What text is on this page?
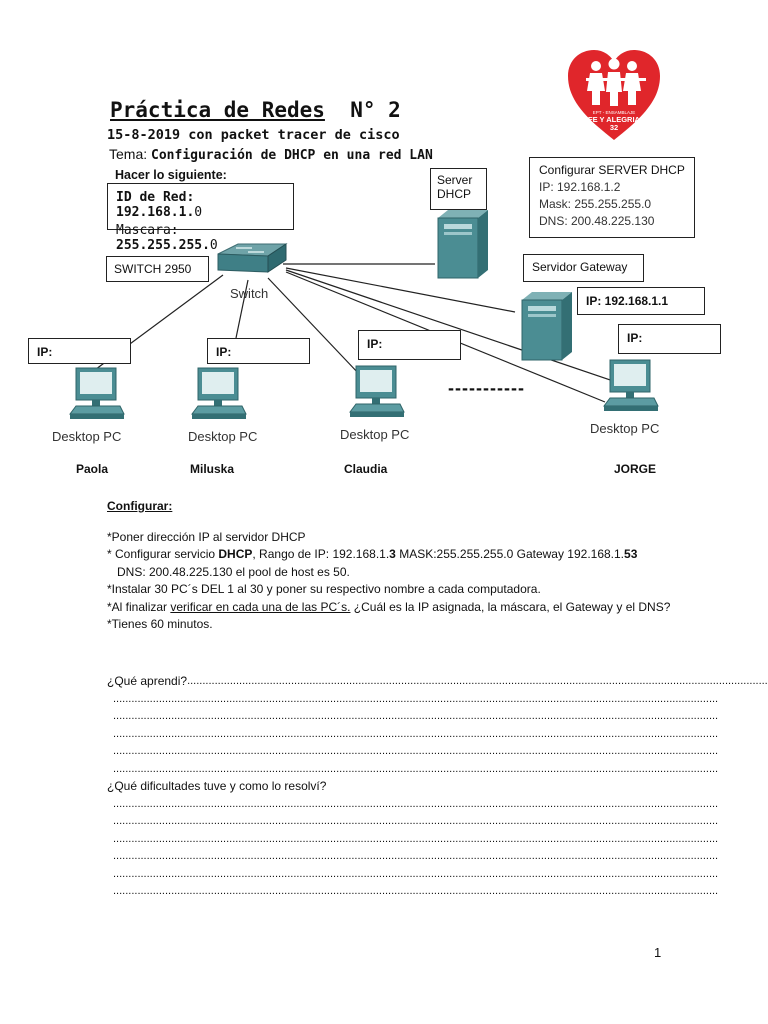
EPT - ENSAMBLAJE
FE Y ALEGRIA
32
Práctica de Redes N° 2
15-8-2019 con packet tracer de cisco
Tema: Configuración de DHCP en una red LAN
Hacer lo siguiente:
ID de Red: 192.168.1.0
Mascara: 255.255.255.0
Switch
SWITCH 2950
Server
DHCP
Configurar SERVER DHCP
IP: 192.168.1.2
Mask: 255.255.255.0
DNS: 200.48.225.130
Servidor Gateway
IP: 192.168.1.1
IP:	IP:
IP:	IP:
Desktop PC	Desktop PC	Desktop PC	Desktop PC
-----------
Paola	Miluska	Claudia	JORGE
Configurar:
*Poner dirección IP al servidor DHCP
* Configurar servicio DHCP, Rango de IP: 192.168.1.3 MASK:255.255.255.0 Gateway 192.168.1.53
DNS: 200.48.225.130 el pool de host es 50.
*Instalar 30 PC´s DEL 1 al 30 y poner su respectivo nombre a cada computadora.
*Al finalizar verificar en cada una de las PC´s. ¿Cuál es la IP asignada, la máscara, el Gateway y el DNS?
*Tienes 60 minutos.
¿Qué aprendi? ..............................................................................................................................................................................................
......................................................................................................................................................................................................
......................................................................................................................................................................................................
......................................................................................................................................................................................................
......................................................................................................................................................................................................
......................................................................................................................................................................................................
¿Qué dificultades tuve y como lo resolví?
......................................................................................................................................................................................................
......................................................................................................................................................................................................
......................................................................................................................................................................................................
......................................................................................................................................................................................................
......................................................................................................................................................................................................
......................................................................................................................................................................................................
1
